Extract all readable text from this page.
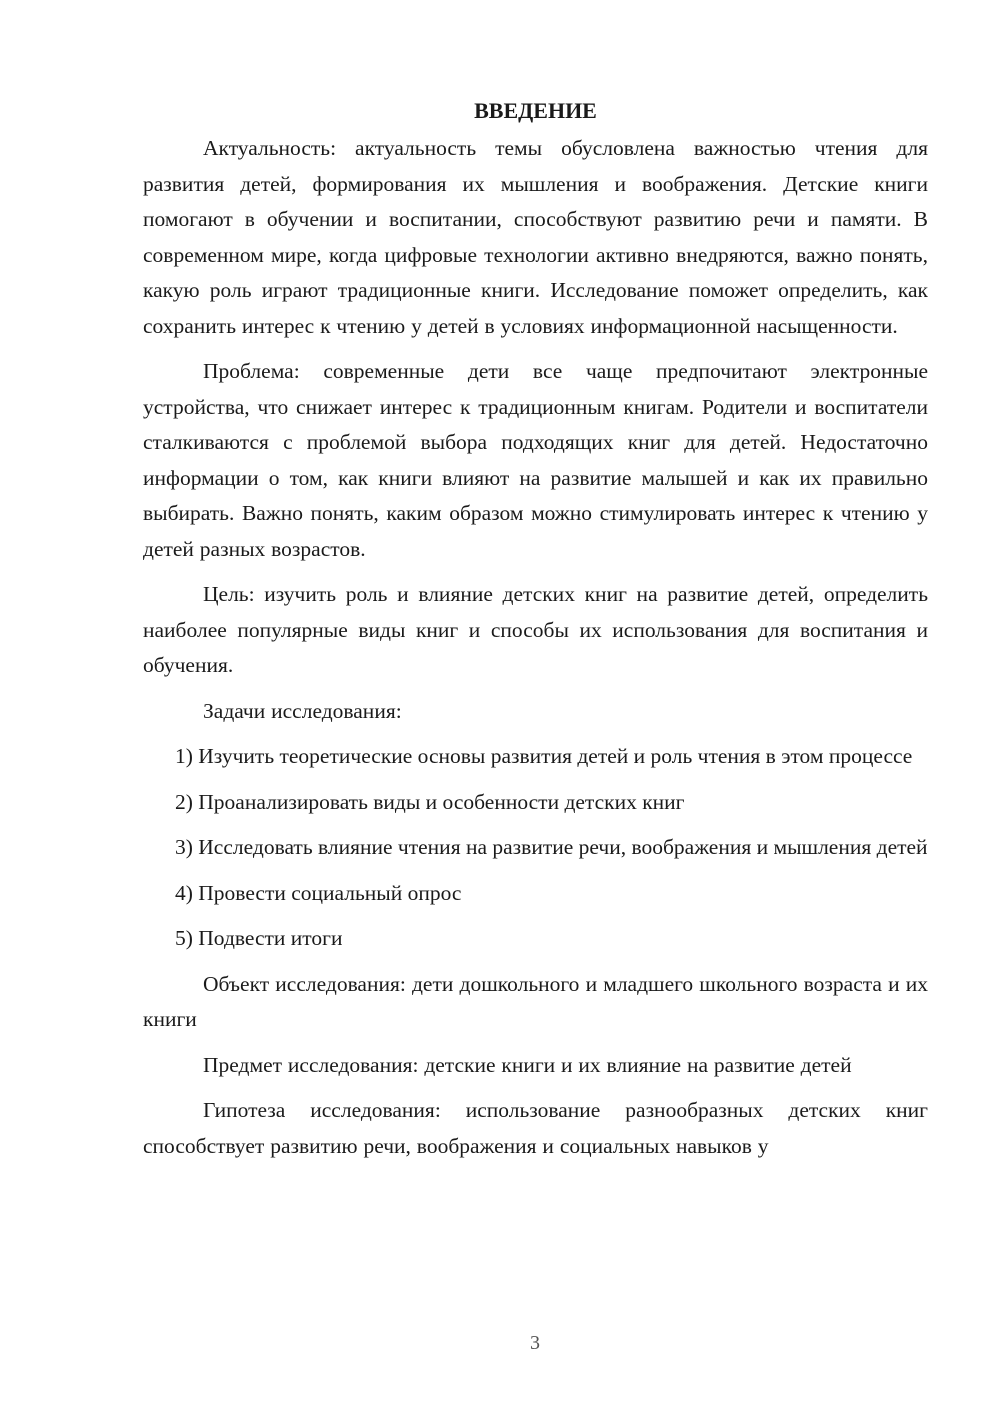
ВВЕДЕНИЕ

Актуальность: актуальность темы обусловлена важностью чтения для развития детей, формирования их мышления и воображения. Детские книги помогают в обучении и воспитании, способствуют развитию речи и памяти. В современном мире, когда цифровые технологии активно внедряются, важно понять, какую роль играют традиционные книги. Исследование поможет определить, как сохранить интерес к чтению у детей в условиях информационной насыщенности.

Проблема: современные дети все чаще предпочитают электронные устройства, что снижает интерес к традиционным книгам. Родители и воспитатели сталкиваются с проблемой выбора подходящих книг для детей. Недостаточно информации о том, как книги влияют на развитие малышей и как их правильно выбирать. Важно понять, каким образом можно стимулировать интерес к чтению у детей разных возрастов.

Цель: изучить роль и влияние детских книг на развитие детей, определить наиболее популярные виды книг и способы их использования для воспитания и обучения.

Задачи исследования:

1) Изучить теоретические основы развития детей и роль чтения в этом процессе

2) Проанализировать виды и особенности детских книг

3) Исследовать влияние чтения на развитие речи, воображения и мышления детей

4) Провести социальный опрос

5) Подвести итоги

Объект исследования: дети дошкольного и младшего школьного возраста и их книги

Предмет исследования: детские книги и их влияние на развитие детей

Гипотеза исследования: использование разнообразных детских книг способствует развитию речи, воображения и социальных навыков у

3
